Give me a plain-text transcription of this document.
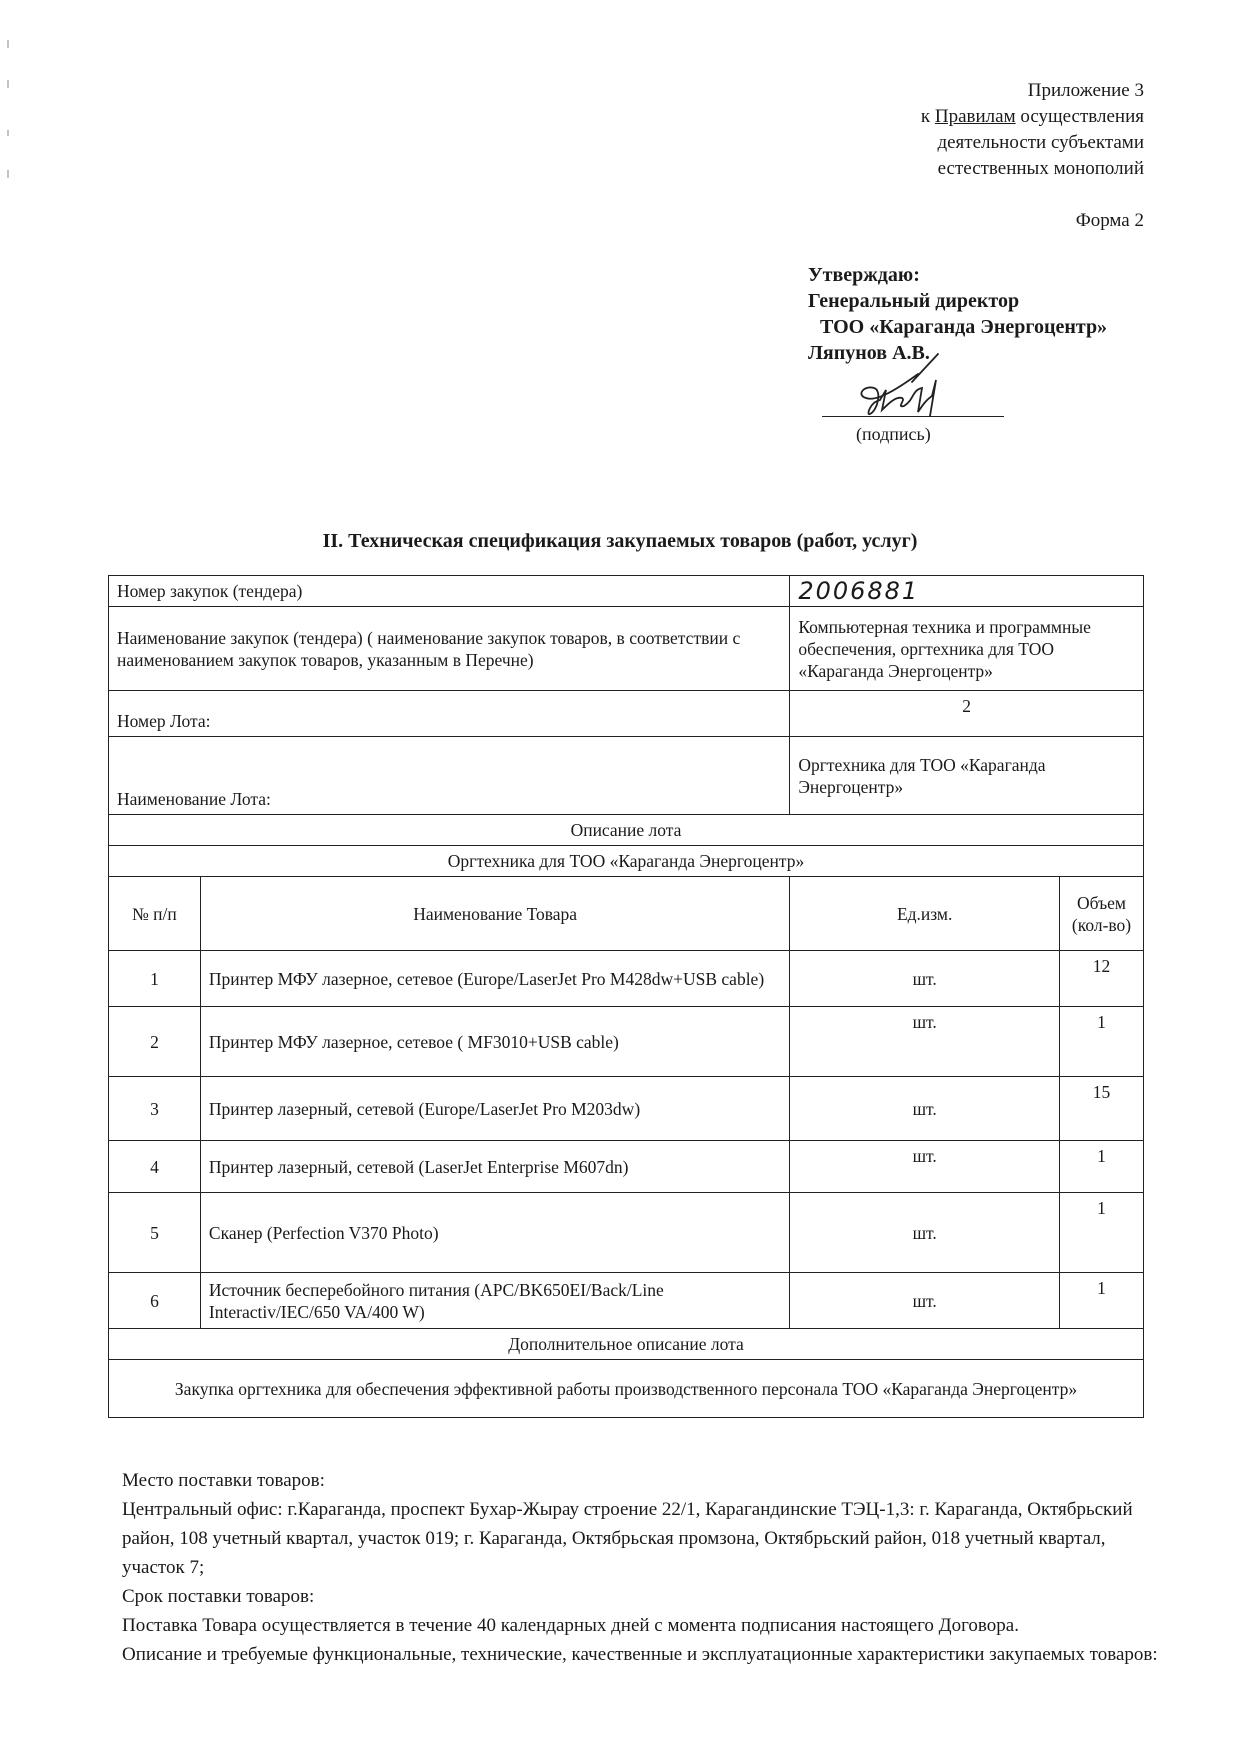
Приложение 3
к Правилам осуществления
деятельности субъектами
естественных монополий
Форма 2
Утверждаю:
Генеральный директор
ТОО «Караганда Энергоцентр»
Ляпунов А.В.
(подпись)
II. Техническая спецификация закупаемых товаров (работ, услуг)
Номер закупок (тендера)		2006881	
Наименование закупок (тендера) ( наименование закупок товаров, в соответствии с наименованием закупок товаров, указанным в Перечне)		Компьютерная техника и программные обеспечения, оргтехника для ТОО «Караганда Энергоцентр»	
Номер Лота:		2	
Наименование Лота:		Оргтехника для ТОО «Караганда Энергоцентр»	
Описание лота			
Оргтехника для ТОО «Караганда Энергоцентр»			
№ п/п	Наименование Товара	Ед.изм.	Объем (кол-во)
1	Принтер МФУ лазерное, сетевое (Europe/LaserJet Pro M428dw+USB cable)	шт.	12
2	Принтер МФУ лазерное, сетевое ( MF3010+USB cable)	шт.	1
3	Принтер лазерный, сетевой (Europe/LaserJet Pro M203dw)	шт.	15
4	Принтер лазерный, сетевой (LaserJet Enterprise M607dn)	шт.	1
5	Сканер (Perfection V370 Photo)	шт.	1
6	Источник бесперебойного питания (APC/BK650EI/Back/Line Interactiv/IEC/650 VA/400 W)	шт.	1
Дополнительное описание лота			
Закупка оргтехника для обеспечения эффективной работы производственного персонала ТОО «Караганда Энергоцентр»			

Место поставки товаров:

Центральный офис: г.Караганда, проспект Бухар-Жырау строение 22/1, Карагандинские ТЭЦ-1,3: г. Караганда, Октябрьский район, 108 учетный квартал, участок 019; г. Караганда, Октябрьская промзона, Октябрьский район, 018 учетный квартал, участок 7;

Срок поставки товаров:

Поставка Товара осуществляется в течение 40 календарных дней с момента подписания настоящего Договора.

Описание и требуемые функциональные, технические, качественные и эксплуатационные характеристики закупаемых товаров:
